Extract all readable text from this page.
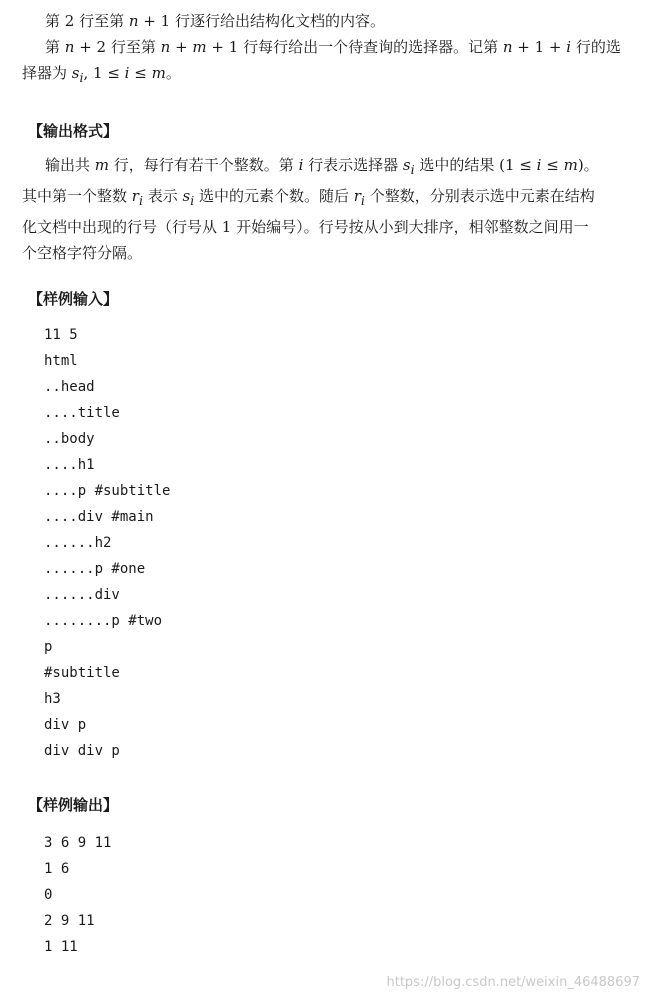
第 2 行至第 n + 1 行逐行给出结构化文档的内容。
第 n + 2 行至第 n + m + 1 行每行给出一个待查询的选择器。记第 n + 1 + i 行的选
择器为 $s_i$, 1 ≤ i ≤ m。
【输出格式】
输出共 m 行，每行有若干个整数。第 i 行表示选择器 $s_i$ 选中的结果 (1 ≤ i ≤ m)。
其中第一个整数 $r_i$ 表示 $s_i$ 选中的元素个数。随后 $r_i$ 个整数，分别表示选中元素在结构
化文档中出现的行号（行号从 1 开始编号）。行号按从小到大排序，相邻整数之间用一
个空格字符分隔。
【样例输入】
11 5
html
..head
....title
..body
....h1
....p #subtitle
....div #main
......h2
......p #one
......div
........p #two
p
#subtitle
h3
div p
div div p
【样例输出】
3 6 9 11
1 6
0
2 9 11
1 11
https://blog.csdn.net/weixin_46488697
